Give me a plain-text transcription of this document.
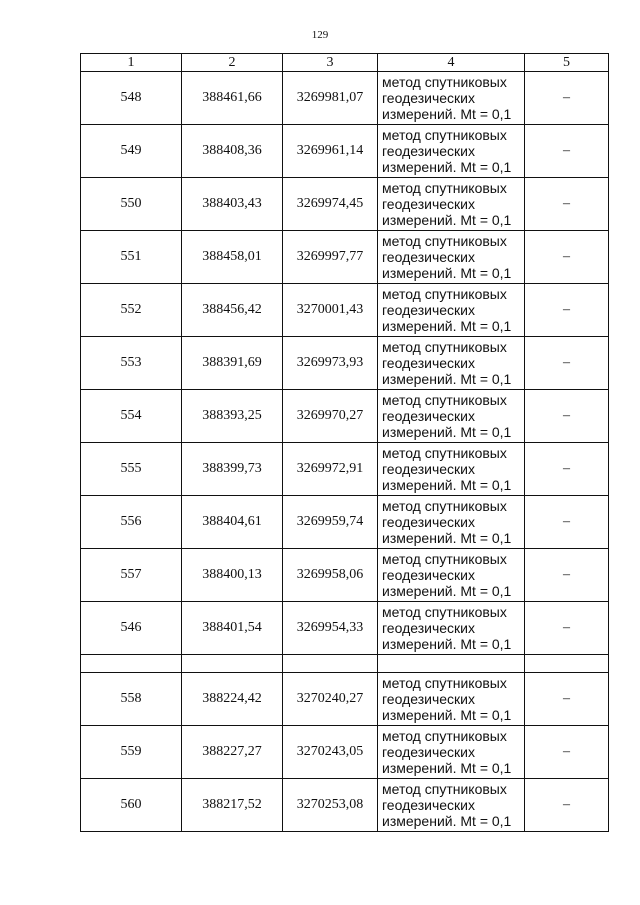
129
1	2	3	4	5
548	388461,66	3269981,07	метод спутниковых
геодезических
измерений. Mt = 0,1	–
549	388408,36	3269961,14	метод спутниковых
геодезических
измерений. Mt = 0,1	–
550	388403,43	3269974,45	метод спутниковых
геодезических
измерений. Mt = 0,1	–
551	388458,01	3269997,77	метод спутниковых
геодезических
измерений. Mt = 0,1	–
552	388456,42	3270001,43	метод спутниковых
геодезических
измерений. Mt = 0,1	–
553	388391,69	3269973,93	метод спутниковых
геодезических
измерений. Mt = 0,1	–
554	388393,25	3269970,27	метод спутниковых
геодезических
измерений. Mt = 0,1	–
555	388399,73	3269972,91	метод спутниковых
геодезических
измерений. Mt = 0,1	–
556	388404,61	3269959,74	метод спутниковых
геодезических
измерений. Mt = 0,1	–
557	388400,13	3269958,06	метод спутниковых
геодезических
измерений. Mt = 0,1	–
546	388401,54	3269954,33	метод спутниковых
геодезических
измерений. Mt = 0,1	–

558	388224,42	3270240,27	метод спутниковых
геодезических
измерений. Mt = 0,1	–
559	388227,27	3270243,05	метод спутниковых
геодезических
измерений. Mt = 0,1	–
560	388217,52	3270253,08	метод спутниковых
геодезических
измерений. Mt = 0,1	–
